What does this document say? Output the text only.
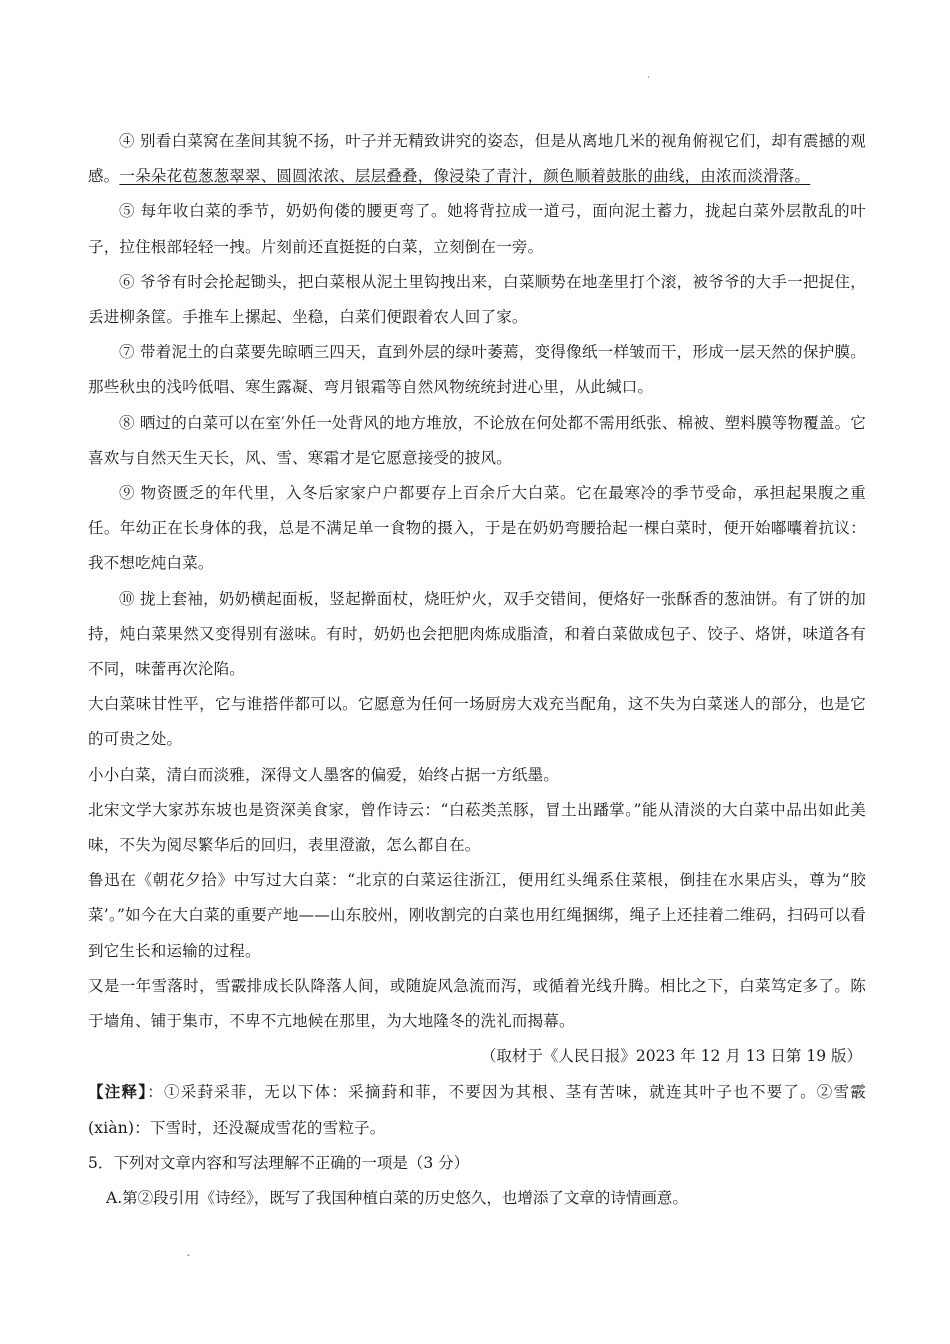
˙

④ 别看白菜窝在垄间其貌不扬，叶子并无精致讲究的姿态，但是从离地几米的视角俯视它们，却有震撼的观感。一朵朵花苞葱葱翠翠、圆圆浓浓、层层叠叠，像浸染了青汁，颜色顺着鼓胀的曲线，由浓而淡滑落。

⑤ 每年收白菜的季节，奶奶佝偻的腰更弯了。她将背拉成一道弓，面向泥土蓄力，拢起白菜外层散乱的叶子，拉住根部轻轻一拽。片刻前还直挺挺的白菜，立刻倒在一旁。

⑥ 爷爷有时会抡起锄头，把白菜根从泥土里钩拽出来，白菜顺势在地垄里打个滚，被爷爷的大手一把捉住，丢进柳条筐。手推车上摞起、坐稳，白菜们便跟着农人回了家。

⑦ 带着泥土的白菜要先晾晒三四天，直到外层的绿叶萎蔫，变得像纸一样皱而干，形成一层天然的保护膜。那些秋虫的浅吟低唱、寒生露凝、弯月银霜等自然风物统统封进心里，从此缄口。

⑧ 晒过的白菜可以在室′外任一处背风的地方堆放，不论放在何处都不需用纸张、棉被、塑料膜等物覆盖。它喜欢与自然天生天长，风、雪、寒霜才是它愿意接受的披风。

⑨ 物资匮乏的年代里，入冬后家家户户都要存上百余斤大白菜。它在最寒冷的季节受命，承担起果腹之重任。年幼正在长身体的我，总是不满足单一食物的摄入，于是在奶奶弯腰拾起一棵白菜时，便开始嘟囔着抗议：我不想吃炖白菜。

⑩ 拢上套袖，奶奶横起面板，竖起擀面杖，烧旺炉火，双手交错间，便烙好一张酥香的葱油饼。有了饼的加持，炖白菜果然又变得别有滋味。有时，奶奶也会把肥肉炼成脂渣，和着白菜做成包子、饺子、烙饼，味道各有不同，味蕾再次沦陷。

大白菜味甘性平，它与谁搭伴都可以。它愿意为任何一场厨房大戏充当配角，这不失为白菜迷人的部分，也是它的可贵之处。

小小白菜，清白而淡雅，深得文人墨客的偏爱，始终占据一方纸墨。

北宋文学大家苏东坡也是资深美食家，曾作诗云：“白菘类羔豚，冒土出蹯掌。”能从清淡的大白菜中品出如此美味，不失为阅尽繁华后的回归，表里澄澈，怎么都自在。

鲁迅在《朝花夕拾》中写过大白菜：“北京的白菜运往浙江，便用红头绳系住菜根，倒挂在水果店头，尊为“胶菜’。”如今在大白菜的重要产地——山东胶州，刚收割完的白菜也用红绳捆绑，绳子上还挂着二维码，扫码可以看到它生长和运输的过程。

又是一年雪落时，雪霰排成长队降落人间，或随旋风急流而泻，或循着光线升腾。相比之下，白菜笃定多了。陈于墙角、铺于集市，不卑不亢地候在那里，为大地隆冬的洗礼而揭幕。

（取材于《人民日报》2023 年 12 月 13 日第 19 版）

【注释】：①采葑采菲，无以下体：采摘葑和菲，不要因为其根、茎有苦味，就连其叶子也不要了。②雪霰(xiàn)：下雪时，还没凝成雪花的雪粒子。

5．下列对文章内容和写法理解不正确的一项是（3 分）

A.第②段引用《诗经》，既写了我国种植白菜的历史悠久，也增添了文章的诗情画意。

˛
